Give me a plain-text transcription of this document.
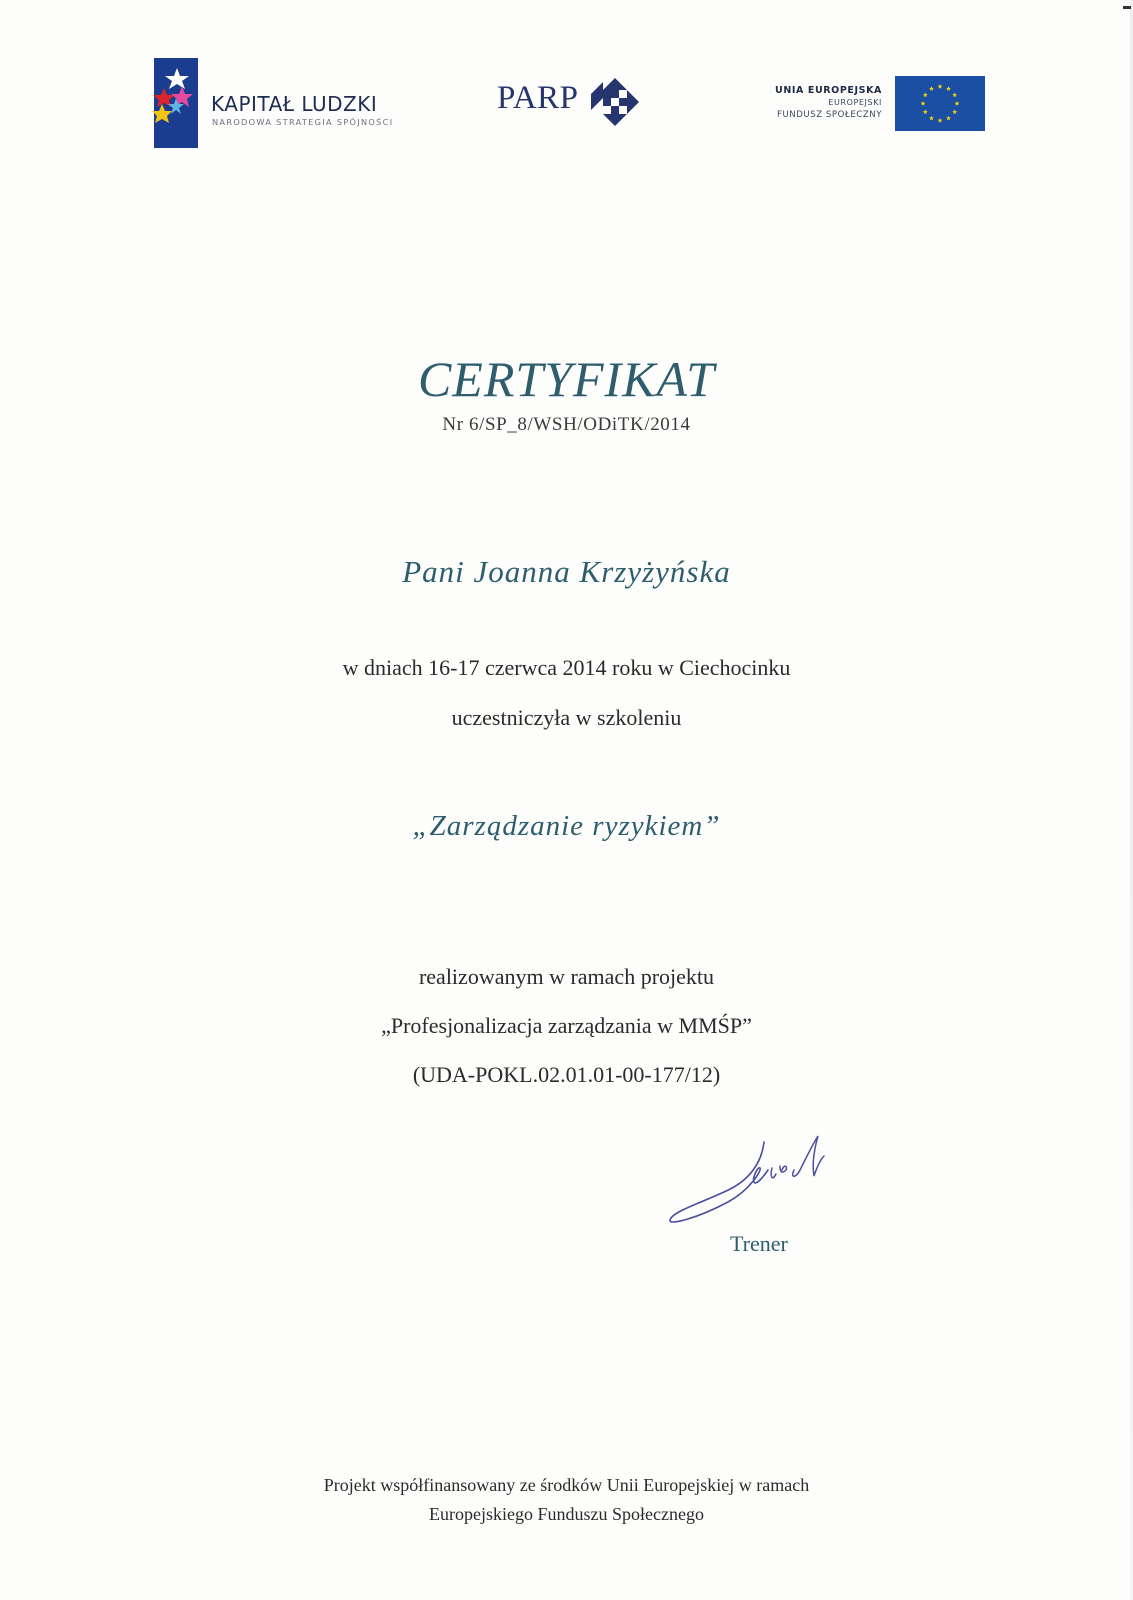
KAPITAŁ LUDZKI
NARODOWA STRATEGIA SPÓJNOŚCI
PARP	UNIA EUROPEJSKA
EUROPEJSKI
FUNDUSZ SPOŁECZNY
CERTYFIKAT
Nr 6/SP_8/WSH/ODiTK/2014
Pani Joanna Krzyżyńska
w dniach 16-17 czerwca 2014 roku w Ciechocinku
uczestniczyła w szkoleniu
„Zarządzanie ryzykiem”
realizowanym w ramach projektu
„Profesjonalizacja zarządzania w MMŚP”
(UDA-POKL.02.01.01-00-177/12)
Trener
Projekt współfinansowany ze środków Unii Europejskiej w ramach
Europejskiego Funduszu Społecznego
